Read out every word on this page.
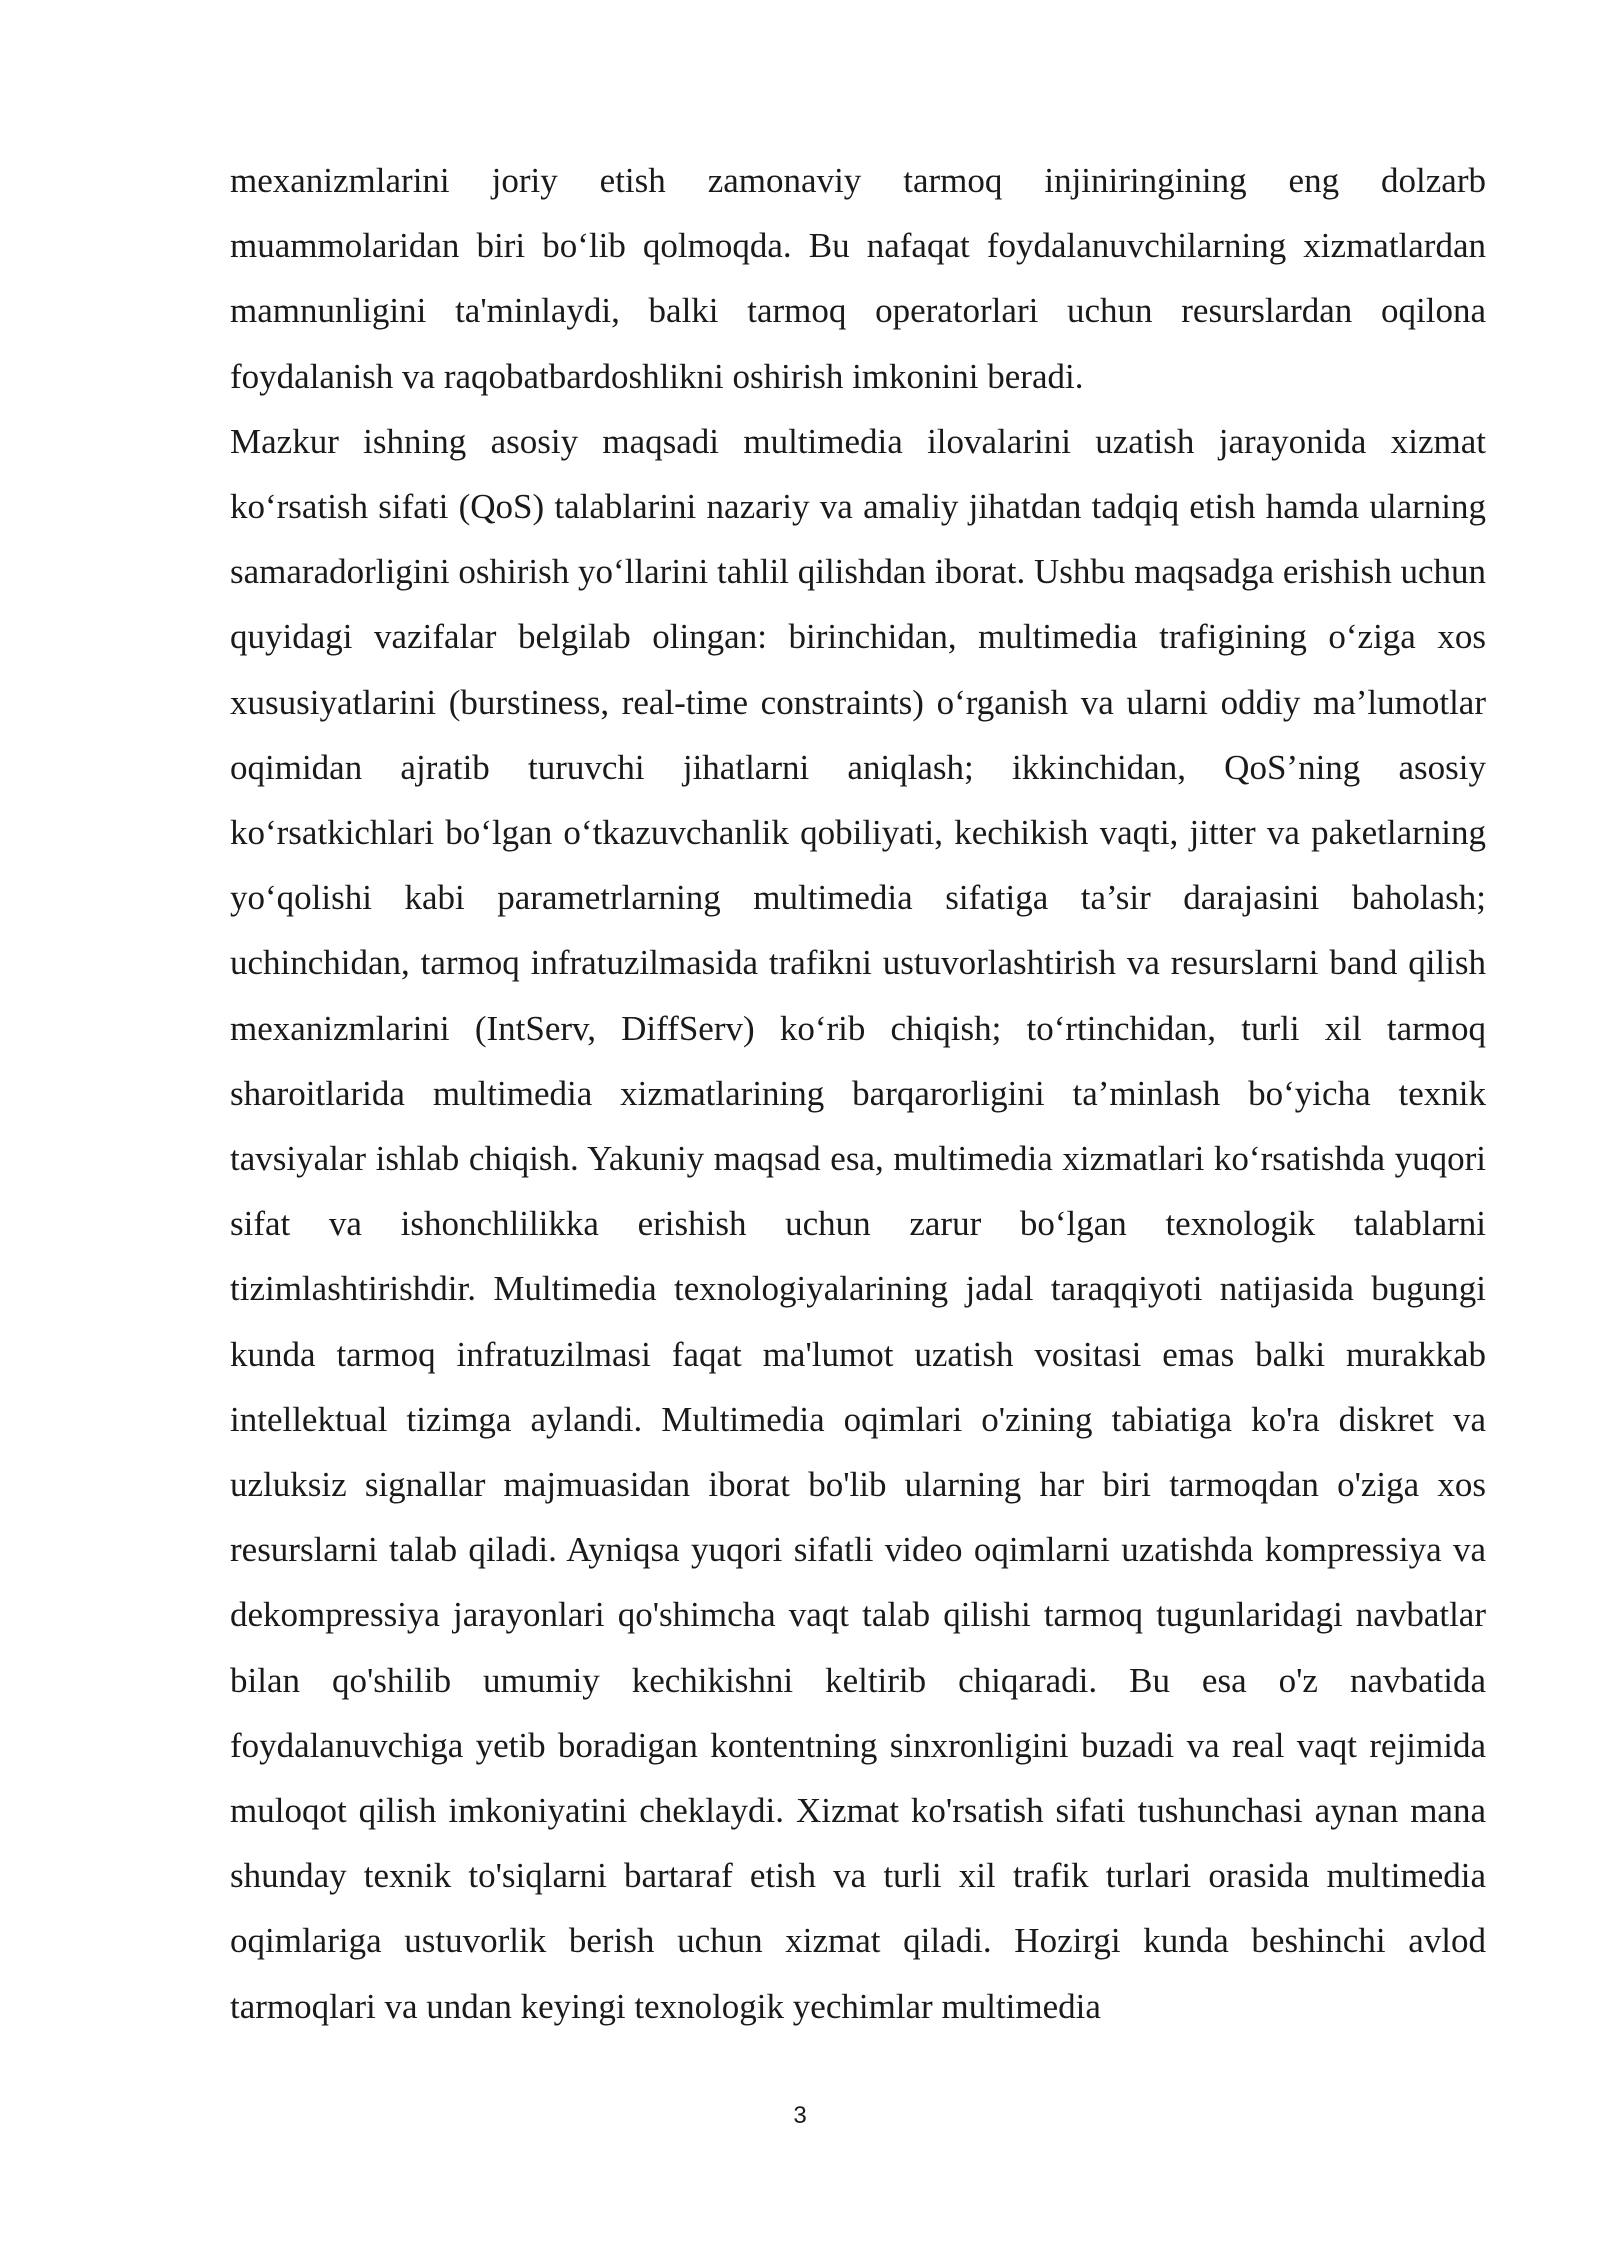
mexanizmlarini joriy etish zamonaviy tarmoq injiniringining eng dolzarb muammolaridan biri bo‘lib qolmoqda. Bu nafaqat foydalanuvchilarning xizmatlardan mamnunligini ta'minlaydi, balki tarmoq operatorlari uchun resurslardan oqilona foydalanish va raqobatbardoshlikni oshirish imkonini beradi.

Mazkur ishning asosiy maqsadi multimedia ilovalarini uzatish jarayonida xizmat ko‘rsatish sifati (QoS) talablarini nazariy va amaliy jihatdan tadqiq etish hamda ularning samaradorligini oshirish yo‘llarini tahlil qilishdan iborat. Ushbu maqsadga erishish uchun quyidagi vazifalar belgilab olingan: birinchidan, multimedia trafigining o‘ziga xos xususiyatlarini (burstiness, real-time constraints) o‘rganish va ularni oddiy ma’lumotlar oqimidan ajratib turuvchi jihatlarni aniqlash; ikkinchidan, QoS’ning asosiy ko‘rsatkichlari bo‘lgan o‘tkazuvchanlik qobiliyati, kechikish vaqti, jitter va paketlarning yo‘qolishi kabi parametrlarning multimedia sifatiga ta’sir darajasini baholash; uchinchidan, tarmoq infratuzilmasida trafikni ustuvorlashtirish va resurslarni band qilish mexanizmlarini (IntServ, DiffServ) ko‘rib chiqish; to‘rtinchidan, turli xil tarmoq sharoitlarida multimedia xizmatlarining barqarorligini ta’minlash bo‘yicha texnik tavsiyalar ishlab chiqish. Yakuniy maqsad esa, multimedia xizmatlari ko‘rsatishda yuqori sifat va ishonchlilikka erishish uchun zarur bo‘lgan texnologik talablarni tizimlashtirishdir. Multimedia texnologiyalarining jadal taraqqiyoti natijasida bugungi kunda tarmoq infratuzilmasi faqat ma'lumot uzatish vositasi emas balki murakkab intellektual tizimga aylandi. Multimedia oqimlari o'zining tabiatiga ko'ra diskret va uzluksiz signallar majmuasidan iborat bo'lib ularning har biri tarmoqdan o'ziga xos resurslarni talab qiladi. Ayniqsa yuqori sifatli video oqimlarni uzatishda kompressiya va dekompressiya jarayonlari qo'shimcha vaqt talab qilishi tarmoq tugunlaridagi navbatlar bilan qo'shilib umumiy kechikishni keltirib chiqaradi. Bu esa o'z navbatida foydalanuvchiga yetib boradigan kontentning sinxronligini buzadi va real vaqt rejimida muloqot qilish imkoniyatini cheklaydi. Xizmat ko'rsatish sifati tushunchasi aynan mana shunday texnik to'siqlarni bartaraf etish va turli xil trafik turlari orasida multimedia oqimlariga ustuvorlik berish uchun xizmat qiladi. Hozirgi kunda beshinchi avlod tarmoqlari va undan keyingi texnologik yechimlar multimedia

3
